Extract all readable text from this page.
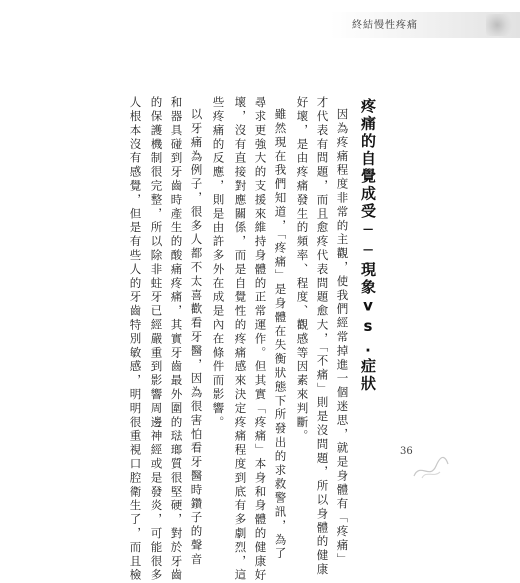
終結慢性疼痛
疼痛的自覺成受──現象vs.症狀
因為疼痛程度非常的主觀，使我們經常掉進一個迷思，就是身體有「疼痛」
才代表有問題，而且愈疼代表問題愈大，「不痛」則是沒問題，所以身體的健康
好壞，是由疼痛發生的頻率、程度、觀感等因素來判斷。
雖然現在我們知道，「疼痛」是身體在失衡狀態下所發出的求救警訊，為了
尋求更強大的支援來維持身體的正常運作。但其實「疼痛」本身和身體的健康好
壞，沒有直接對應關係，而是自覺性的疼痛感來決定疼痛程度到底有多劇烈，這
些疼痛的反應，則是由許多外在成是內在條件而影響。
以牙痛為例子，很多人都不太喜歡看牙醫，因為很害怕看牙醫時鑽子的聲音
和器具碰到牙齒時產生的酸痛疼痛，其實牙齒最外圍的琺瑯質很堅硬，對於牙齒
的保護機制很完整，所以除非蛀牙已經嚴重到影響周邊神經或是發炎，可能很多
人根本沒有感覺，但是有些人的牙齒特別敏感，明明很重視口腔衛生了，而且檢	36
